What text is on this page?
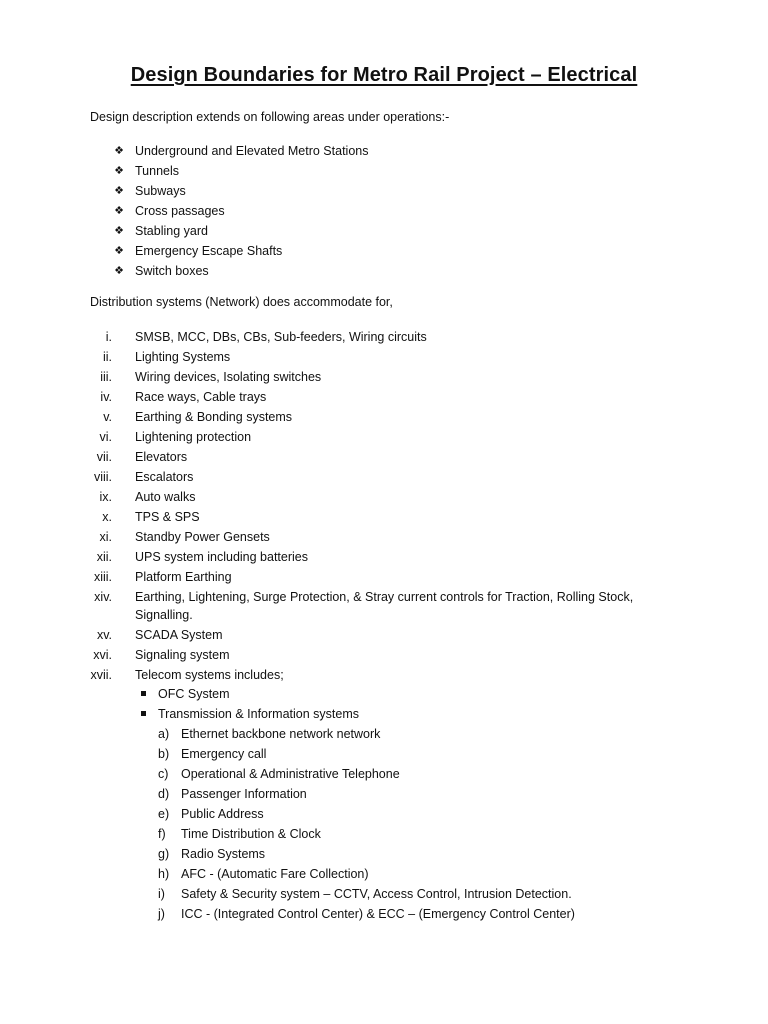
Design Boundaries for Metro Rail Project – Electrical
Design description extends on following areas under operations:-
❖ Underground and Elevated Metro Stations
❖ Tunnels
❖ Subways
❖ Cross passages
❖ Stabling yard
❖ Emergency Escape Shafts
❖ Switch boxes
Distribution systems (Network) does accommodate for,
i. SMSB, MCC, DBs, CBs, Sub-feeders, Wiring circuits
ii. Lighting Systems
iii. Wiring devices, Isolating switches
iv. Race ways, Cable trays
v. Earthing & Bonding systems
vi. Lightening protection
vii. Elevators
viii. Escalators
ix. Auto walks
x. TPS & SPS
xi. Standby Power Gensets
xii. UPS system including batteries
xiii. Platform Earthing
xiv. Earthing, Lightening, Surge Protection, & Stray current controls for Traction, Rolling Stock, Signalling.
xv. SCADA System
xvi. Signaling system
xvii. Telecom systems includes;
OFC System
Transmission & Information systems
a) Ethernet backbone network network
b) Emergency call
c) Operational & Administrative Telephone
d) Passenger Information
e) Public Address
f) Time Distribution & Clock
g) Radio Systems
h) AFC - (Automatic Fare Collection)
i) Safety & Security system – CCTV, Access Control, Intrusion Detection.
j) ICC - (Integrated Control Center) & ECC – (Emergency Control Center)
